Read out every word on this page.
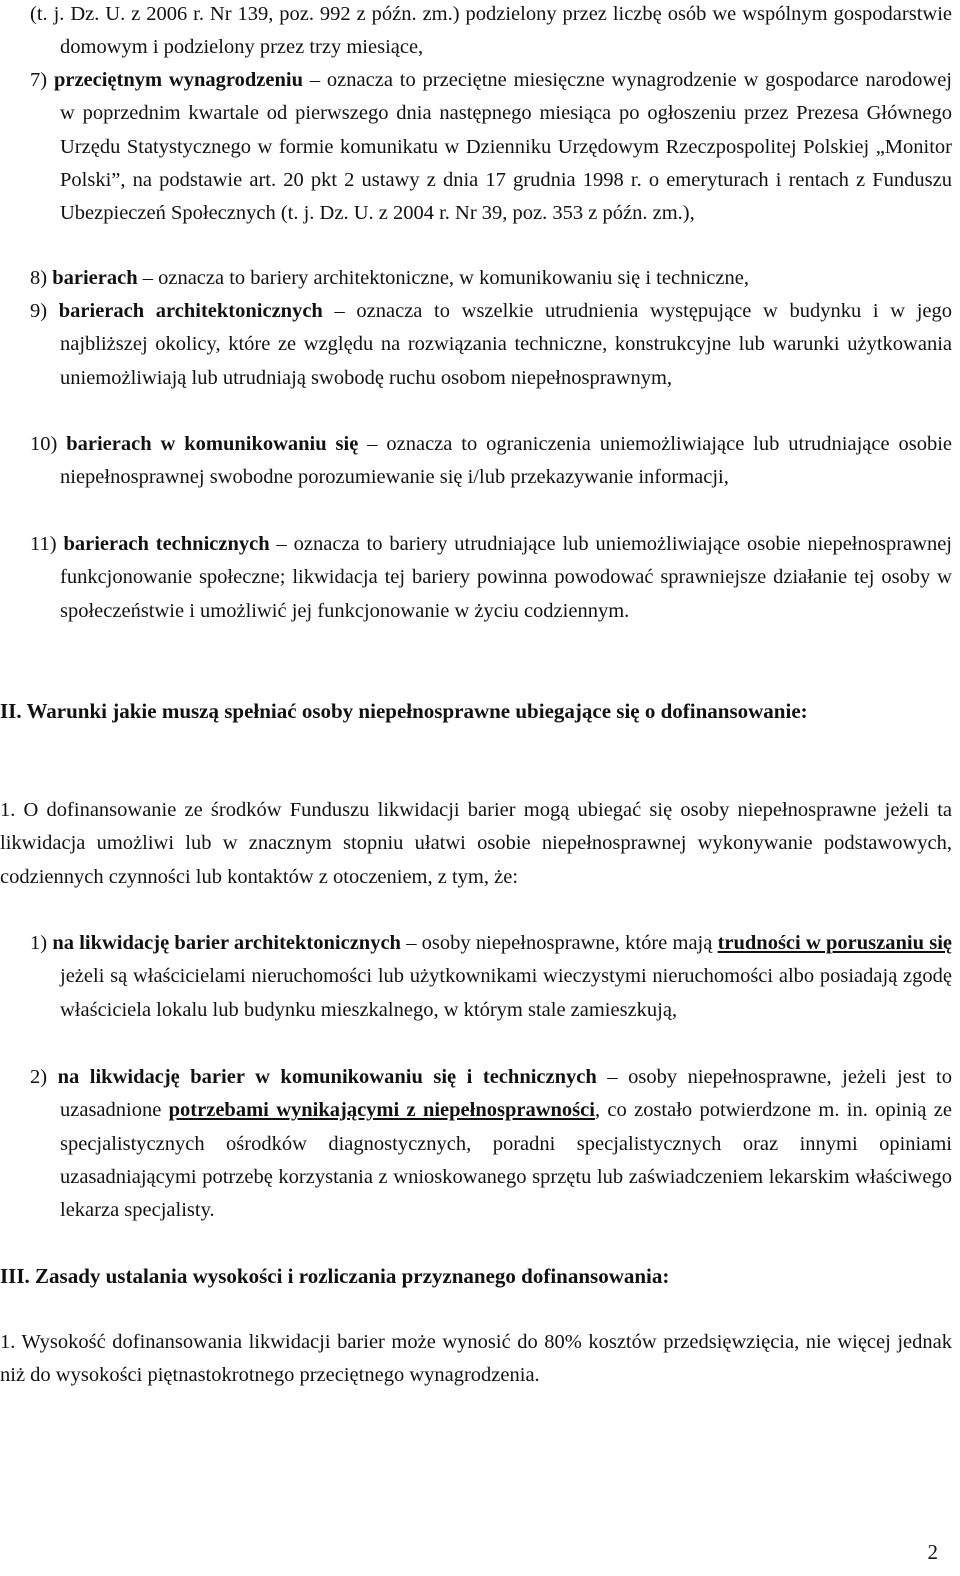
(t. j. Dz. U. z 2006 r. Nr 139, poz. 992 z późn. zm.) podzielony przez liczbę osób we wspólnym gospodarstwie domowym i podzielony przez trzy miesiące,
7) przeciętnym wynagrodzeniu – oznacza to przeciętne miesięczne wynagrodzenie w gospodarce narodowej w poprzednim kwartale od pierwszego dnia następnego miesiąca po ogłoszeniu przez Prezesa Głównego Urzędu Statystycznego w formie komunikatu w Dzienniku Urzędowym Rzeczpospolitej Polskiej „Monitor Polski”, na podstawie art. 20 pkt 2 ustawy z dnia 17 grudnia 1998 r. o emeryturach i rentach z Funduszu Ubezpieczeń Społecznych (t. j. Dz. U. z 2004 r. Nr 39, poz. 353 z późn. zm.),
8) barierach – oznacza to bariery architektoniczne, w komunikowaniu się i techniczne,
9) barierach architektonicznych – oznacza to wszelkie utrudnienia występujące w budynku i w jego najbliższej okolicy, które ze względu na rozwiązania techniczne, konstrukcyjne lub warunki użytkowania uniemożliwiają lub utrudniają swobodę ruchu osobom niepełnosprawnym,
10) barierach w komunikowaniu się – oznacza to ograniczenia uniemożliwiające lub utrudniające osobie niepełnosprawnej swobodne porozumiewanie się i/lub przekazywanie informacji,
11) barierach technicznych – oznacza to bariery utrudniające lub uniemożliwiające osobie niepełnosprawnej funkcjonowanie społeczne; likwidacja tej bariery powinna powodować sprawniejsze działanie tej osoby w społeczeństwie i umożliwić jej funkcjonowanie w życiu codziennym.
II. Warunki jakie muszą spełniać osoby niepełnosprawne ubiegające się o dofinansowanie:
1. O dofinansowanie ze środków Funduszu likwidacji barier mogą ubiegać się osoby niepełnosprawne jeżeli ta likwidacja umożliwi lub w znacznym stopniu ułatwi osobie niepełnosprawnej wykonywanie podstawowych, codziennych czynności lub kontaktów z otoczeniem, z tym, że:
1) na likwidację barier architektonicznych – osoby niepełnosprawne, które mają trudności w poruszaniu się jeżeli są właścicielami nieruchomości lub użytkownikami wieczystymi nieruchomości albo posiadają zgodę właściciela lokalu lub budynku mieszkalnego, w którym stale zamieszkują,
2) na likwidację barier w komunikowaniu się i technicznych – osoby niepełnosprawne, jeżeli jest to uzasadnione potrzebami wynikającymi z niepełnosprawności, co zostało potwierdzone m. in. opinią ze specjalistycznych ośrodków diagnostycznych, poradni specjalistycznych oraz innymi opiniami uzasadniającymi potrzebę korzystania z wnioskowanego sprzętu lub zaświadczeniem lekarskim właściwego lekarza specjalisty.
III. Zasady ustalania wysokości i rozliczania przyznanego dofinansowania:
1. Wysokość dofinansowania likwidacji barier może wynosić do 80% kosztów przedsięwzięcia, nie więcej jednak niż do wysokości piętnastokrotnego przeciętnego wynagrodzenia.
2
